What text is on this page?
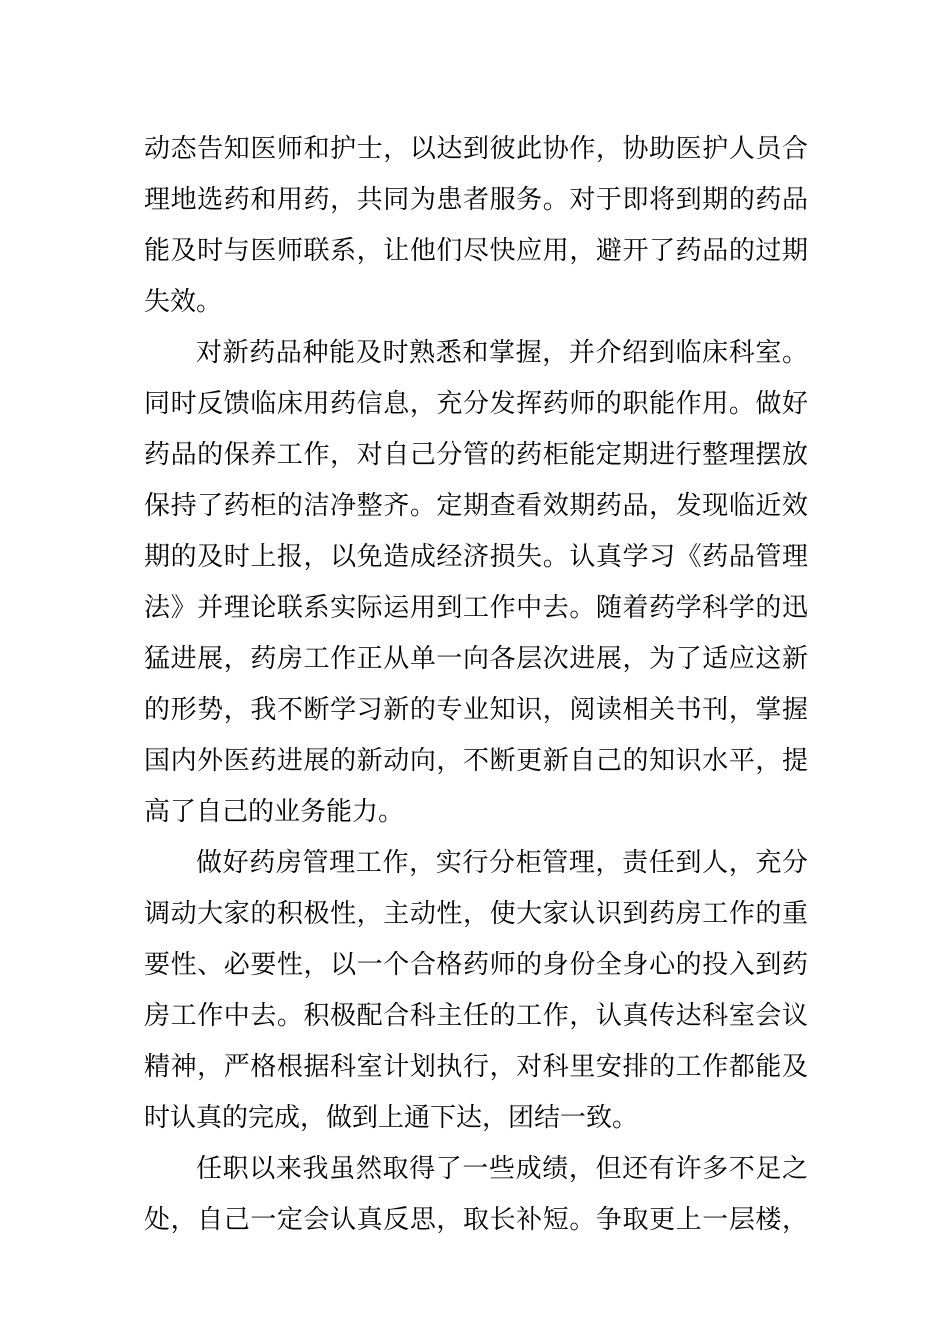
动态告知医师和护士，以达到彼此协作，协助医护人员合
理地选药和用药，共同为患者服务。对于即将到期的药品
能及时与医师联系，让他们尽快应用，避开了药品的过期
失效。
对新药品种能及时熟悉和掌握，并介绍到临床科室。
同时反馈临床用药信息，充分发挥药师的职能作用。做好
药品的保养工作，对自己分管的药柜能定期进行整理摆放
保持了药柜的洁净整齐。定期查看效期药品，发现临近效
期的及时上报，以免造成经济损失。认真学习《药品管理
法》并理论联系实际运用到工作中去。随着药学科学的迅
猛进展，药房工作正从单一向各层次进展，为了适应这新
的形势，我不断学习新的专业知识，阅读相关书刊，掌握
国内外医药进展的新动向，不断更新自己的知识水平，提
高了自己的业务能力。
做好药房管理工作，实行分柜管理，责任到人，充分
调动大家的积极性，主动性，使大家认识到药房工作的重
要性、必要性，以一个合格药师的身份全身心的投入到药
房工作中去。积极配合科主任的工作，认真传达科室会议
精神，严格根据科室计划执行，对科里安排的工作都能及
时认真的完成，做到上通下达，团结一致。
任职以来我虽然取得了一些成绩，但还有许多不足之
处，自己一定会认真反思，取长补短。争取更上一层楼，
